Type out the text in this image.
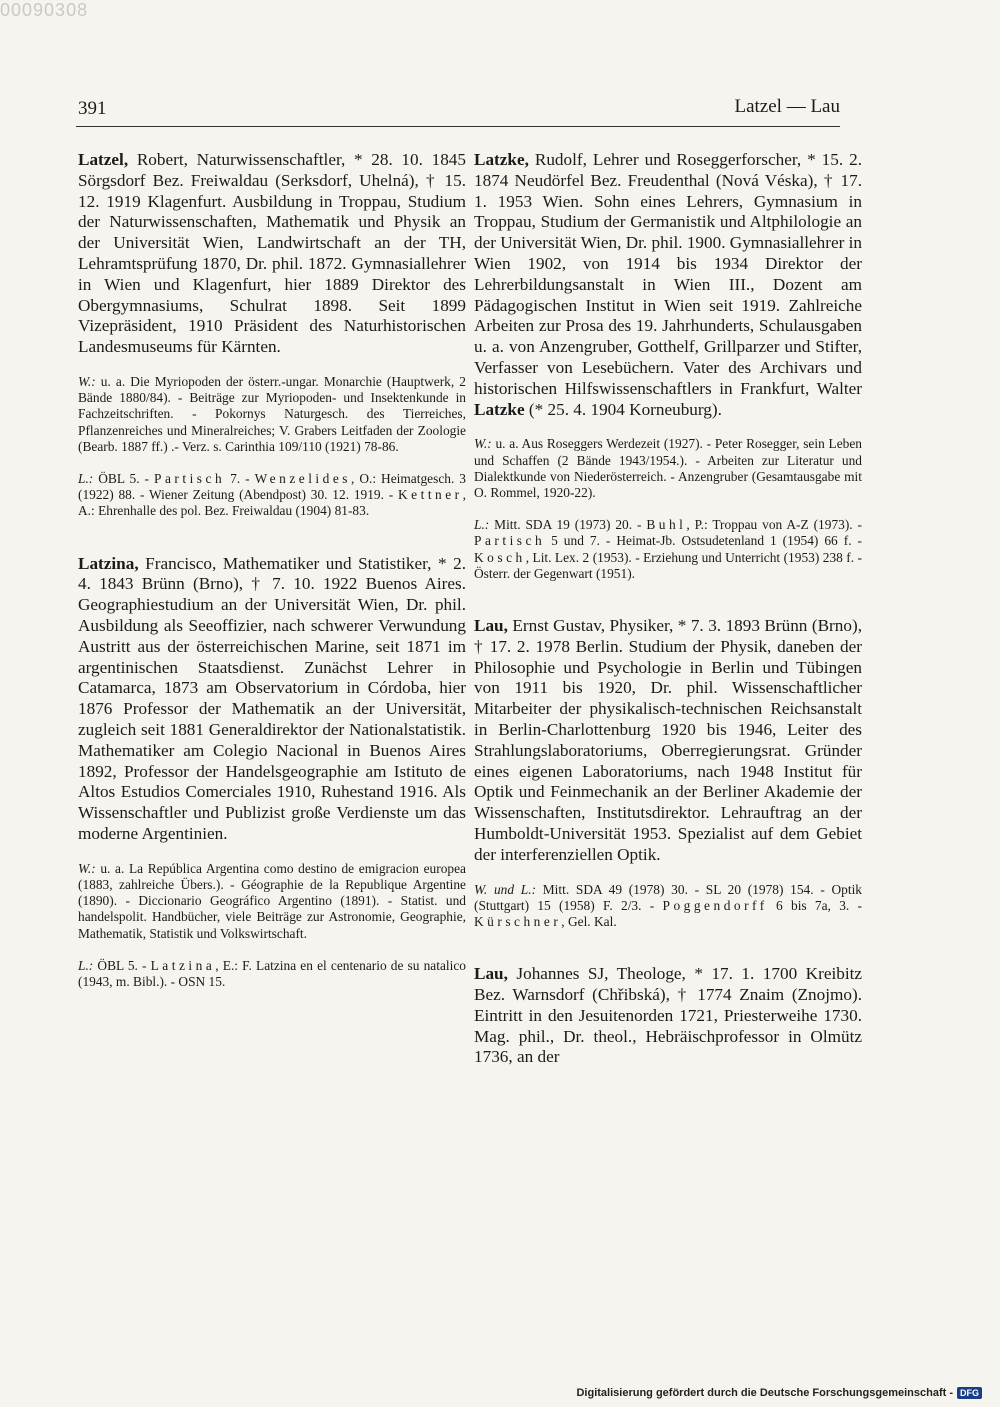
00090308
391	Latzel — Lau

Latzel, Robert, Naturwissenschaftler, * 28. 10. 1845 Sörgsdorf Bez. Freiwaldau (Serksdorf, Uhelná), † 15. 12. 1919 Klagenfurt. Ausbildung in Troppau, Studium der Naturwissenschaften, Mathematik und Physik an der Universität Wien, Landwirtschaft an der TH, Lehramtsprüfung 1870, Dr. phil. 1872. Gymnasiallehrer in Wien und Klagenfurt, hier 1889 Direktor des Obergymnasiums, Schulrat 1898. Seit 1899 Vizepräsident, 1910 Präsident des Naturhistorischen Landesmuseums für Kärnten.

W.: u. a. Die Myriopoden der österr.-ungar. Monarchie (Hauptwerk, 2 Bände 1880/84). - Beiträge zur Myriopoden- und Insektenkunde in Fachzeitschriften. - Pokornys Naturgesch. des Tierreiches, Pflanzenreiches und Mineralreiches; V. Grabers Leitfaden der Zoologie (Bearb. 1887 ff.) .- Verz. s. Carinthia 109/110 (1921) 78-86.

L.: ÖBL 5. - Partisch 7. - Wenzelides, O.: Heimatgesch. 3 (1922) 88. - Wiener Zeitung (Abendpost) 30. 12. 1919. - Kettner, A.: Ehrenhalle des pol. Bez. Freiwaldau (1904) 81-83.

Latzina, Francisco, Mathematiker und Statistiker, * 2. 4. 1843 Brünn (Brno), † 7. 10. 1922 Buenos Aires. Geographiestudium an der Universität Wien, Dr. phil. Ausbildung als Seeoffizier, nach schwerer Verwundung Austritt aus der österreichischen Marine, seit 1871 im argentinischen Staatsdienst. Zunächst Lehrer in Catamarca, 1873 am Observatorium in Córdoba, hier 1876 Professor der Mathematik an der Universität, zugleich seit 1881 Generaldirektor der Nationalstatistik. Mathematiker am Colegio Nacional in Buenos Aires 1892, Professor der Handelsgeographie am Istituto de Altos Estudios Comerciales 1910, Ruhestand 1916. Als Wissenschaftler und Publizist große Verdienste um das moderne Argentinien.

W.: u. a. La República Argentina como destino de emigracion europea (1883, zahlreiche Übers.). - Géographie de la Republique Argentine (1890). - Diccionario Geográfico Argentino (1891). - Statist. und handelspolit. Handbücher, viele Beiträge zur Astronomie, Geographie, Mathematik, Statistik und Volkswirtschaft.

L.: ÖBL 5. - Latzina, E.: F. Latzina en el centenario de su natalico (1943, m. Bibl.). - OSN 15.

Latzke, Rudolf, Lehrer und Roseggerforscher, * 15. 2. 1874 Neudörfel Bez. Freudenthal (Nová Véska), † 17. 1. 1953 Wien. Sohn eines Lehrers, Gymnasium in Troppau, Studium der Germanistik und Altphilologie an der Universität Wien, Dr. phil. 1900. Gymnasiallehrer in Wien 1902, von 1914 bis 1934 Direktor der Lehrerbildungsanstalt in Wien III., Dozent am Pädagogischen Institut in Wien seit 1919. Zahlreiche Arbeiten zur Prosa des 19. Jahrhunderts, Schulausgaben u. a. von Anzengruber, Gotthelf, Grillparzer und Stifter, Verfasser von Lesebüchern. Vater des Archivars und historischen Hilfswissenschaftlers in Frankfurt, Walter Latzke (* 25. 4. 1904 Korneuburg).

W.: u. a. Aus Roseggers Werdezeit (1927). - Peter Rosegger, sein Leben und Schaffen (2 Bände 1943/1954.). - Arbeiten zur Literatur und Dialektkunde von Niederösterreich. - Anzengruber (Gesamtausgabe mit O. Rommel, 1920-22).

L.: Mitt. SDA 19 (1973) 20. - Buhl, P.: Troppau von A-Z (1973). - Partisch 5 und 7. - Heimat-Jb. Ostsudetenland 1 (1954) 66 f. - Kosch, Lit. Lex. 2 (1953). - Erziehung und Unterricht (1953) 238 f. - Österr. der Gegenwart (1951).

Lau, Ernst Gustav, Physiker, * 7. 3. 1893 Brünn (Brno), † 17. 2. 1978 Berlin. Studium der Physik, daneben der Philosophie und Psychologie in Berlin und Tübingen von 1911 bis 1920, Dr. phil. Wissenschaftlicher Mitarbeiter der physikalisch-technischen Reichsanstalt in Berlin-Charlottenburg 1920 bis 1946, Leiter des Strahlungslaboratoriums, Oberregierungsrat. Gründer eines eigenen Laboratoriums, nach 1948 Institut für Optik und Feinmechanik an der Berliner Akademie der Wissenschaften, Institutsdirektor. Lehrauftrag an der Humboldt-Universität 1953. Spezialist auf dem Gebiet der interferenziellen Optik.

W. und L.: Mitt. SDA 49 (1978) 30. - SL 20 (1978) 154. - Optik (Stuttgart) 15 (1958) F. 2/3. - Poggendorff 6 bis 7a, 3. - Kürschner, Gel. Kal.

Lau, Johannes SJ, Theologe, * 17. 1. 1700 Kreibitz Bez. Warnsdorf (Chřibská), † 1774 Znaim (Znojmo). Eintritt in den Jesuitenorden 1721, Priesterweihe 1730. Mag. phil., Dr. theol., Hebräischprofessor in Olmütz 1736, an der

Digitalisierung gefördert durch die Deutsche Forschungsgemeinschaft - DFG
